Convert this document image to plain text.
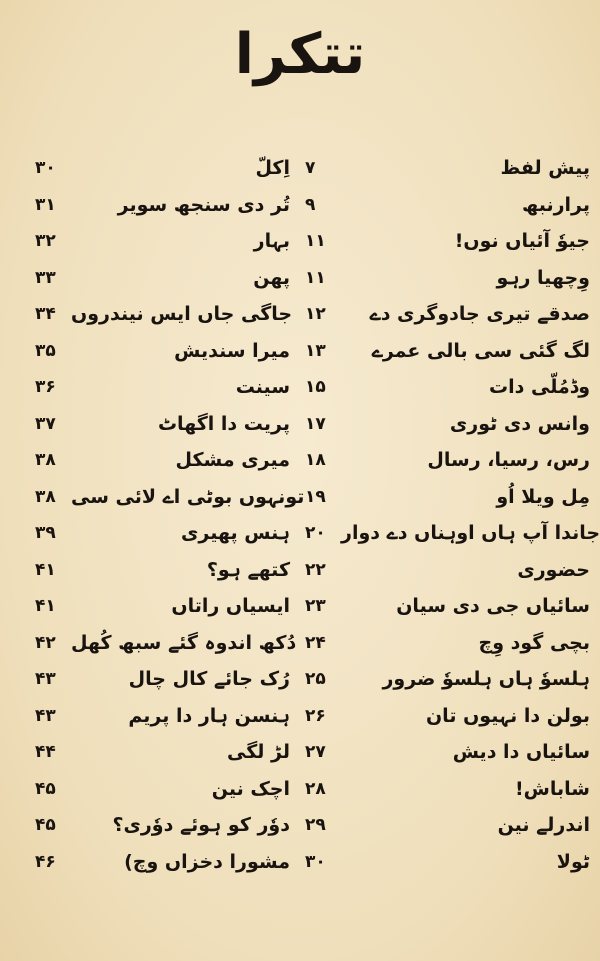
تتکرا
۷	پیش لفظ
۹	پرارنبھ
۱۱	جیوٗ آئیاں نوں!
۱۱	وِچھیا رہو
۱۲	صدقے تیری جادوگری دے
۱۳	لگ گئی سی بالی عمرے
۱۵	وڈمُلّی دات
۱۷	وانس دی ٹوری
۱۸	رس، رسیا، رسال
۱۹	مِل ویلا اُو
۲۰ جاندا آپ ہاں اوہناں دے دوار
۲۲	حضوری
۲۳	سائیاں جی دی سیان
۲۴	بچی گود وِچ
۲۵	ہلسوٗ ہاں ہلسوٗ ضرور
۲۶	بولن دا نہیوں تان
۲۷	سائیاں دا دیش
۲۸	شاباش!
۲۹	اندرلے نین
۳۰	ٹولا
۳۰	اِکلّ
۳۱	تُر دی سنجھ سویر
۳۲	بہار
۳۳	پھن
۳۴ جاگی جاں ایس نیندروں
۳۵	میرا سندیش
۳۶	سینت
۳۷	پریت دا اگھاٹ
۳۸	میری مشکل
۳۸ تونہوں بوٹی اے لائی سی
۳۹	ہنس پھیری
۴۱	کتھے ہو؟
۴۱	ایسیاں راتاں
۴۲ دُکھ اندوہ گئے سبھ کُھل
۴۳	رُک جائے کال چال
۴۳	ہنسن ہار دا پریم
۴۴	لڑ لگی
۴۵	اچک نین
۴۵	دوٗر کو ہوئے دوٗری؟
۴۶	مشورا دخزاں وچ)
